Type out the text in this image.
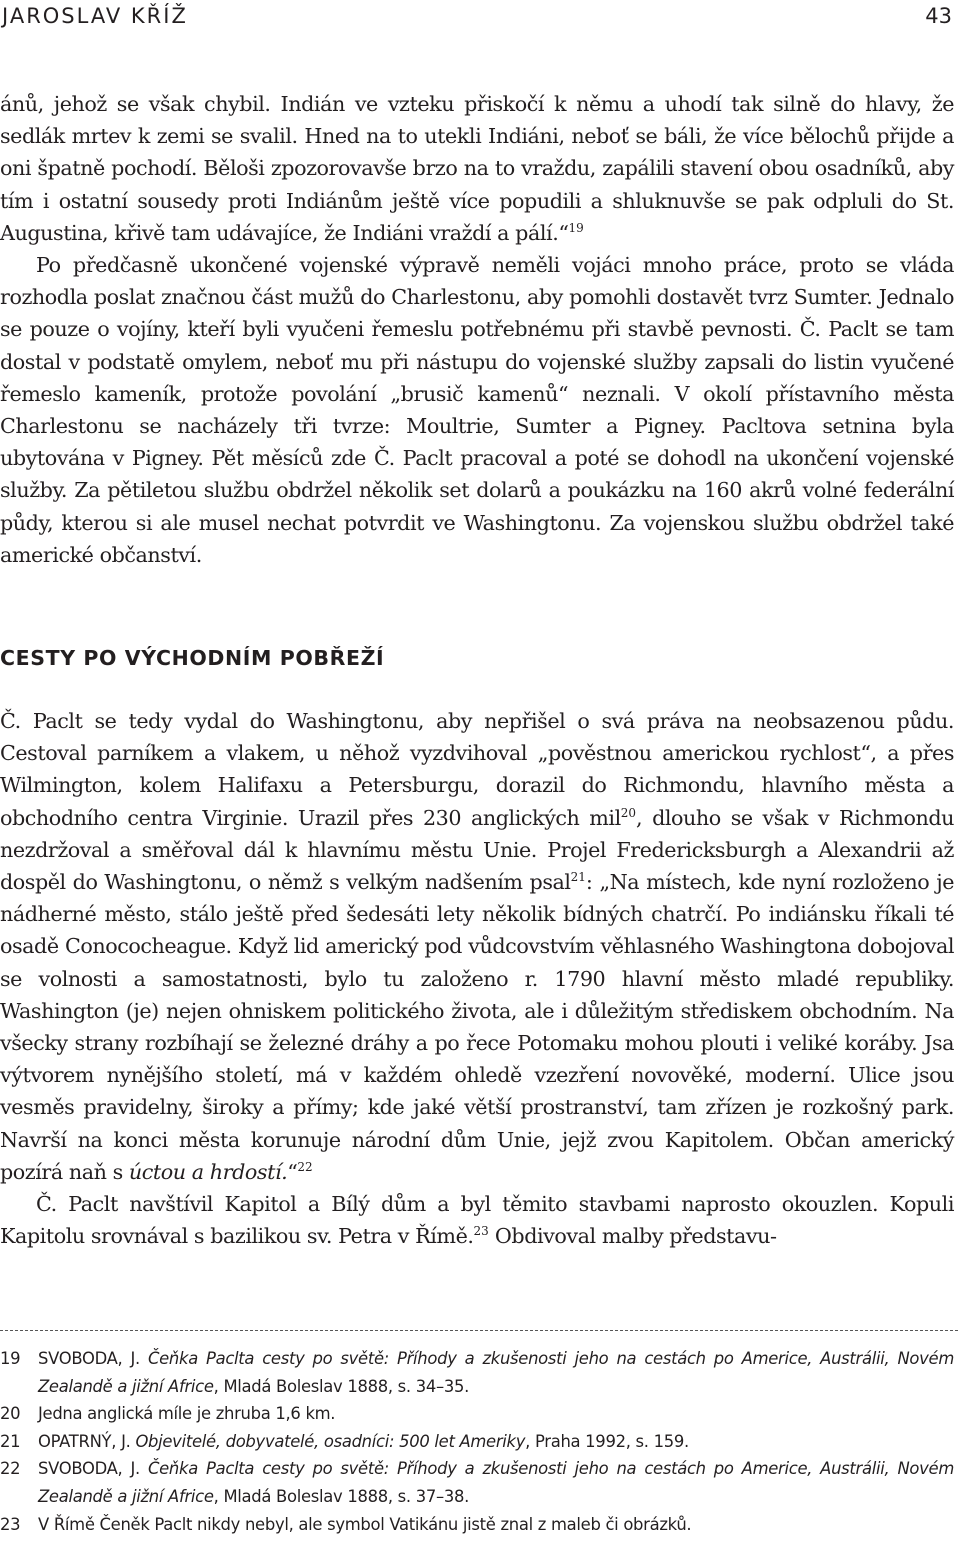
JAROSLAV KŘÍŽ	43

ánů, jehož se však chybil. Indián ve vzteku přiskočí k němu a uhodí tak silně do hlavy, že sedlák mrtev k zemi se svalil. Hned na to utekli Indiáni, neboť se báli, že více bělochů přijde a oni špatně pochodí. Běloši zpozorovavše brzo na to vraždu, zapálili stavení obou osadníků, aby tím i ostatní sousedy proti Indiánům ještě více popudili a shluknuvše se pak odpluli do St. Augustina, křivě tam udávajíce, že Indiáni vraždí a pálí.“$^{19}$

Po předčasně ukončené vojenské výpravě neměli vojáci mnoho práce, proto se vláda rozhodla poslat značnou část mužů do Charlestonu, aby pomohli dostavět tvrz Sumter. Jednalo se pouze o vojíny, kteří byli vyučeni řemeslu potřebnému při stavbě pevnosti. Č. Paclt se tam dostal v podstatě omylem, neboť mu při nástupu do vojenské služby zapsali do listin vyučené řemeslo kameník, protože povolání „brusič kamenů“ neznali. V okolí přístavního města Charlestonu se nacházely tři tvrze: Moultrie, Sumter a Pigney. Pacltova setnina byla ubytována v Pigney. Pět měsíců zde Č. Paclt pracoval a poté se dohodl na ukončení vojenské služby. Za pětiletou službu obdržel několik set dolarů a poukázku na 160 akrů volné federální půdy, kterou si ale musel nechat potvrdit ve Washingtonu. Za vojenskou službu obdržel také americké občanství.

CESTY PO VÝCHODNÍM POBŘEŽÍ

Č. Paclt se tedy vydal do Washingtonu, aby nepřišel o svá práva na neobsazenou půdu. Cestoval parníkem a vlakem, u něhož vyzdvihoval „pověstnou americkou rychlost“, a přes Wilmington, kolem Halifaxu a Petersburgu, dorazil do Richmondu, hlavního města a obchodního centra Virginie. Urazil přes 230 anglických mil$^{20}$, dlouho se však v Richmondu nezdržoval a směřoval dál k hlavnímu městu Unie. Projel Fredericksburgh a Alexandrii až dospěl do Washingtonu, o němž s velkým nadšením psal$^{21}$: „Na místech, kde nyní rozloženo je nádherné město, stálo ještě před šedesáti lety několik bídných chatrčí. Po indiánsku říkali té osadě Conococheague. Když lid americký pod vůdcovstvím věhlasného Washingtona dobojoval se volnosti a samostatnosti, bylo tu založeno r. 1790 hlavní město mladé republiky. Washington (je) nejen ohniskem politického života, ale i důležitým střediskem obchodním. Na všecky strany rozbíhají se železné dráhy a po řece Potomaku mohou plouti i veliké koráby. Jsa výtvorem nynějšího století, má v každém ohledě vzezření novověké, moderní. Ulice jsou vesměs pravidelny, široky a přímy; kde jaké větší prostranství, tam zřízen je rozkošný park. Navrší na konci města korunuje národní dům Unie, jejž zvou Kapitolem. Občan americký pozírá naň s úctou a hrdostí.“$^{22}$

Č. Paclt navštívil Kapitol a Bílý dům a byl těmito stavbami naprosto okouzlen. Kopuli Kapitolu srovnával s bazilikou sv. Petra v Římě.$^{23}$ Obdivoval malby představu-

19 SVOBODA, J. Čeňka Paclta cesty po světě: Příhody a zkušenosti jeho na cestách po Americe, Austrálii, Novém Zealandě a jižní Africe, Mladá Boleslav 1888, s. 34–35.
20 Jedna anglická míle je zhruba 1,6 km.
21 OPATRNÝ, J. Objevitelé, dobyvatelé, osadníci: 500 let Ameriky, Praha 1992, s. 159.
22 SVOBODA, J. Čeňka Paclta cesty po světě: Příhody a zkušenosti jeho na cestách po Americe, Austrálii, Novém Zealandě a jižní Africe, Mladá Boleslav 1888, s. 37–38.
23 V Římě Čeněk Paclt nikdy nebyl, ale symbol Vatikánu jistě znal z maleb či obrázků.
